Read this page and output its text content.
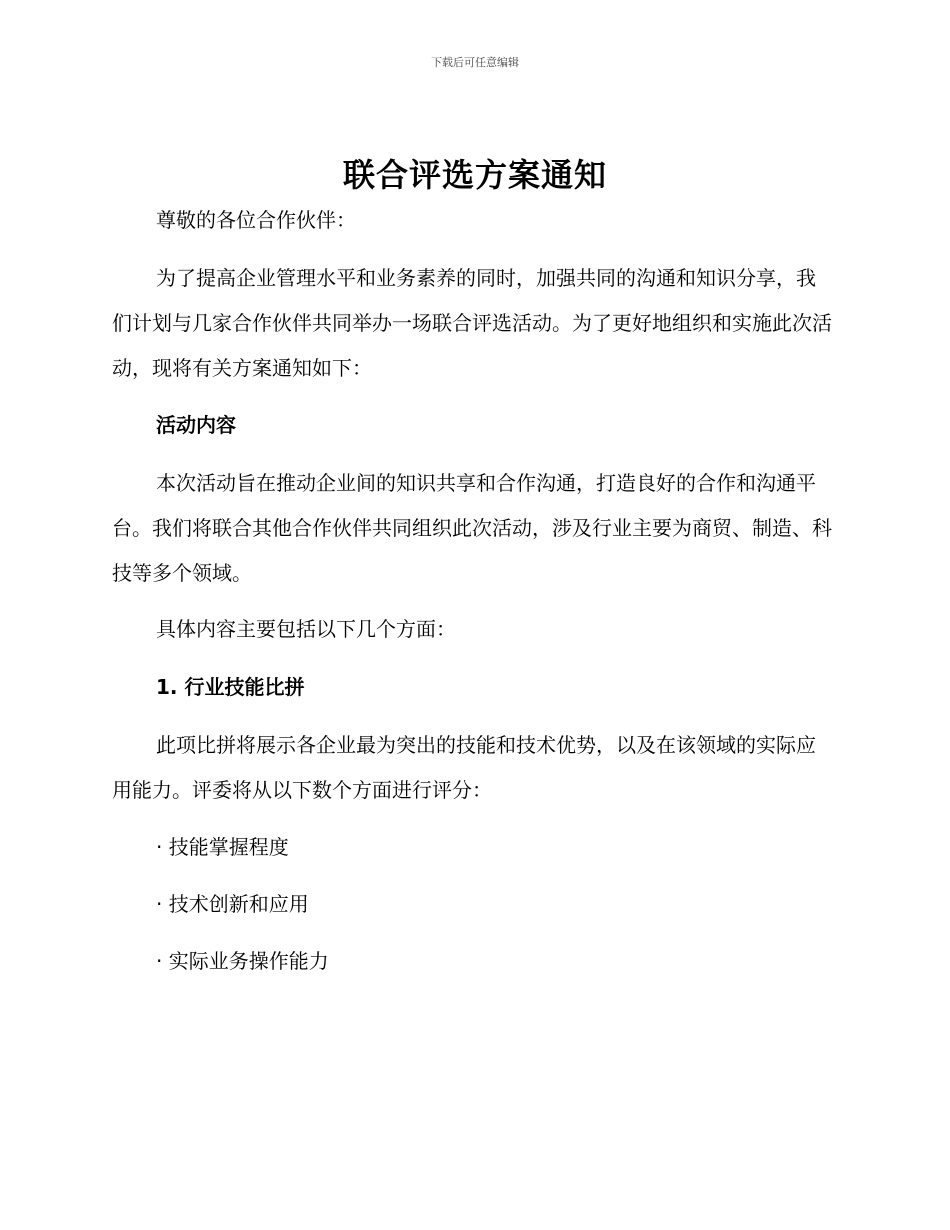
下载后可任意编辑
联合评选方案通知

尊敬的各位合作伙伴：

为了提高企业管理水平和业务素养的同时，加强共同的沟通和知识分享，我们计划与几家合作伙伴共同举办一场联合评选活动。为了更好地组织和实施此次活动，现将有关方案通知如下：

活动内容

本次活动旨在推动企业间的知识共享和合作沟通，打造良好的合作和沟通平台。我们将联合其他合作伙伴共同组织此次活动，涉及行业主要为商贸、制造、科技等多个领域。

具体内容主要包括以下几个方面：

1. 行业技能比拼

此项比拼将展示各企业最为突出的技能和技术优势，以及在该领域的实际应用能力。评委将从以下数个方面进行评分：

· 技能掌握程度
· 技术创新和应用
· 实际业务操作能力
